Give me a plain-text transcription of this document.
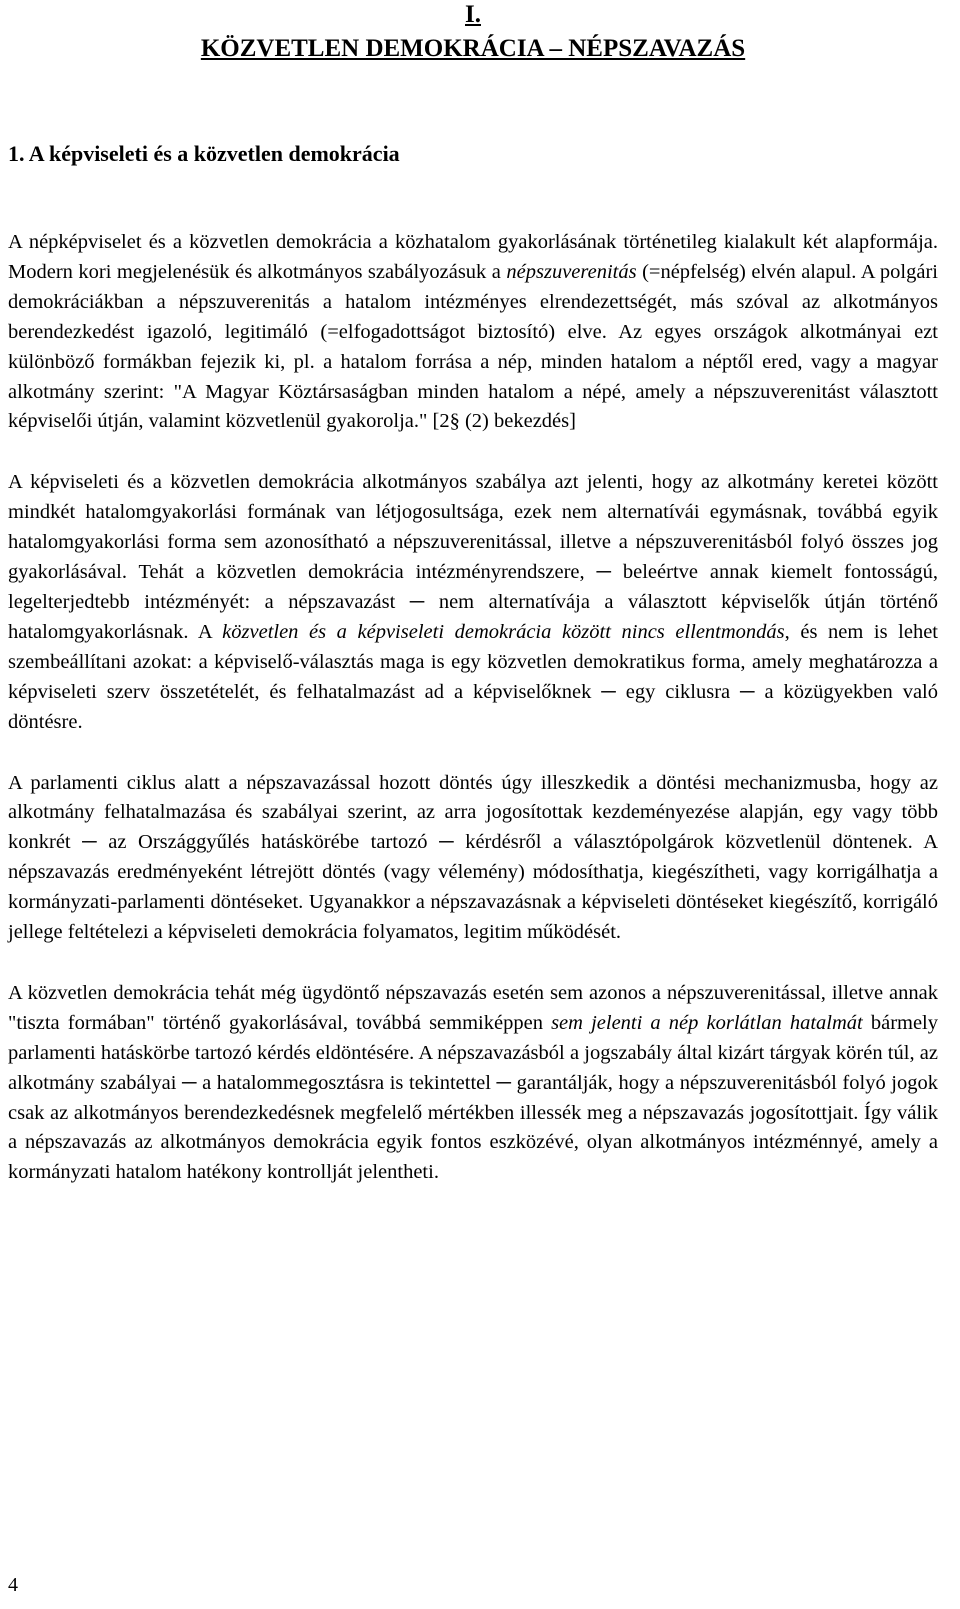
I.
KÖZVETLEN DEMOKRÁCIA – NÉPSZAVAZÁS
1. A képviseleti és a közvetlen demokrácia

A népképviselet és a közvetlen demokrácia a közhatalom gyakorlásának történetileg kialakult két alapformája. Modern kori megjelenésük és alkotmányos szabályozásuk a népszuverenitás (=népfelség) elvén alapul. A polgári demokráciákban a népszuverenitás a hatalom intézményes elrendezettségét, más szóval az alkotmányos berendezkedést igazoló, legitimáló (=elfogadottságot biztosító) elve. Az egyes országok alkotmányai ezt különböző formákban fejezik ki, pl. a hatalom forrása a nép, minden hatalom a néptől ered, vagy a magyar alkotmány szerint: "A Magyar Köztársaságban minden hatalom a népé, amely a népszuverenitást választott képviselői útján, valamint közvetlenül gyakorolja." [2§ (2) bekezdés]

A képviseleti és a közvetlen demokrácia alkotmányos szabálya azt jelenti, hogy az alkotmány keretei között mindkét hatalomgyakorlási formának van létjogosultsága, ezek nem alternatívái egymásnak, továbbá egyik hatalomgyakorlási forma sem azonosítható a népszuverenitással, illetve a népszuverenitásból folyó összes jog gyakorlásával. Tehát a közvetlen demokrácia intézményrendszere, ─ beleértve annak kiemelt fontosságú, legelterjedtebb intézményét: a népszavazást ─ nem alternatívája a választott képviselők útján történő hatalomgyakorlásnak. A közvetlen és a képviseleti demokrácia között nincs ellentmondás, és nem is lehet szembeállítani azokat: a képviselő-választás maga is egy közvetlen demokratikus forma, amely meghatározza a képviseleti szerv összetételét, és felhatalmazást ad a képviselőknek ─ egy ciklusra ─ a közügyekben való döntésre.

A parlamenti ciklus alatt a népszavazással hozott döntés úgy illeszkedik a döntési mechanizmusba, hogy az alkotmány felhatalmazása és szabályai szerint, az arra jogosítottak kezdeményezése alapján, egy vagy több konkrét ─ az Országgyűlés hatáskörébe tartozó ─ kérdésről a választópolgárok közvetlenül döntenek. A népszavazás eredményeként létrejött döntés (vagy vélemény) módosíthatja, kiegészítheti, vagy korrigálhatja a kormányzati-parlamenti döntéseket. Ugyanakkor a népszavazásnak a képviseleti döntéseket kiegészítő, korrigáló jellege feltételezi a képviseleti demokrácia folyamatos, legitim működését.

A közvetlen demokrácia tehát még ügydöntő népszavazás esetén sem azonos a népszuverenitással, illetve annak "tiszta formában" történő gyakorlásával, továbbá semmiképpen sem jelenti a nép korlátlan hatalmát bármely parlamenti hatáskörbe tartozó kérdés eldöntésére. A népszavazásból a jogszabály által kizárt tárgyak körén túl, az alkotmány szabályai ─ a hatalommegosztásra is tekintettel ─ garantálják, hogy a népszuverenitásból folyó jogok csak az alkotmányos berendezkedésnek megfelelő mértékben illessék meg a népszavazás jogosítottjait. Így válik a népszavazás az alkotmányos demokrácia egyik fontos eszközévé, olyan alkotmányos intézménnyé, amely a kormányzati hatalom hatékony kontrollját jelentheti.

4
